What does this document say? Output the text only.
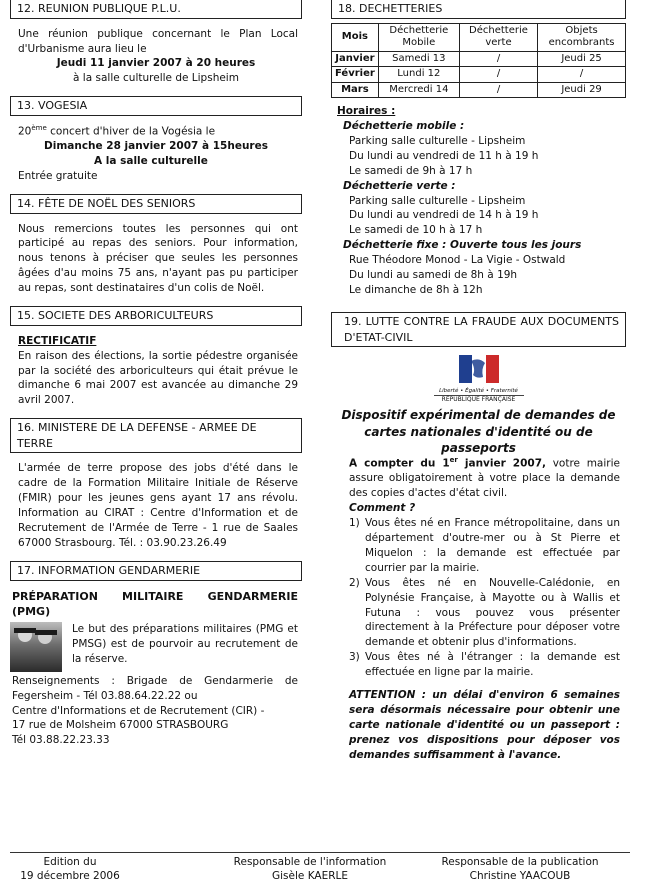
12. REUNION PUBLIQUE P.L.U.

Une réunion publique concernant le Plan Local d'Urbanisme aura lieu le

Jeudi 11 janvier 2007 à 20 heures

à la salle culturelle de Lipsheim

13. VOGESIA

20ème concert d'hiver de la Vogésia le

Dimanche 28 janvier 2007 à 15heures

A la salle culturelle

Entrée gratuite

14. FÊTE DE NOËL DES SENIORS

Nous remercions toutes les personnes qui ont participé au repas des seniors. Pour information, nous tenons à préciser que seules les personnes âgées d'au moins 75 ans, n'ayant pas pu participer au repas, sont destinataires d'un colis de Noël.

15. SOCIETE DES ARBORICULTEURS

RECTIFICATIF

En raison des élections, la sortie pédestre organisée par la société des arboriculteurs qui était prévue le dimanche 6 mai 2007 est avancée au dimanche 29 avril 2007.

16. MINISTERE DE LA DEFENSE - ARMEE DE TERRE

L'armée de terre propose des jobs d'été dans le cadre de la Formation Militaire Initiale de Réserve (FMIR) pour les jeunes gens ayant 17 ans révolu. Information au CIRAT : Centre d'Information et de Recrutement de l'Armée de Terre - 1 rue de Saales 67000 Strasbourg. Tél. : 03.90.23.26.49

17. INFORMATION GENDARMERIE

PRÉPARATION MILITAIRE GENDARMERIE (PMG)

Le but des préparations militaires (PMG et PMSG) est de pourvoir au recrutement de la réserve.

Renseignements : Brigade de Gendarmerie de Fegersheim - Tél 03.88.64.22.22 ou

Centre d'Informations et de Recrutement (CIR) -

17 rue de Molsheim 67000 STRASBOURG

Tél 03.88.22.23.33

18. DECHETTERIES
Mois	Déchetterie Mobile	Déchetterie verte	Objets encombrants
Janvier	Samedi 13	/	Jeudi 25
Février	Lundi 12	/	/
Mars	Mercredi 14	/	Jeudi 29

Horaires :

Déchetterie mobile :

Parking salle culturelle - Lipsheim

Du lundi au vendredi de 11 h à 19 h

Le samedi de 9h à 17 h

Déchetterie verte :

Parking salle culturelle - Lipsheim

Du lundi au vendredi de 14 h à 19 h

Le samedi de 10 h à 17 h

Déchetterie fixe : Ouverte tous les jours

Rue Théodore Monod - La Vigie - Ostwald

Du lundi au samedi de 8h à 19h

Le dimanche de 8h à 12h

19. LUTTE CONTRE LA FRAUDE AUX DOCUMENTS D'ETAT-CIVIL
Liberté • Égalité • Fraternité
RÉPUBLIQUE FRANÇAISE

Dispositif expérimental de demandes de cartes nationales d'identité ou de passeports

A compter du 1er janvier 2007, votre mairie assure obligatoirement à votre place la demande des copies d'actes d'état civil.

Comment ?

1) Vous êtes né en France métropolitaine, dans un département d'outre-mer ou à St Pierre et Miquelon : la demande est effectuée par courrier par la mairie.
2) Vous êtes né en Nouvelle-Calédonie, en Polynésie Française, à Mayotte ou à Wallis et Futuna : vous pouvez vous présenter directement à la Préfecture pour déposer votre demande et obtenir plus d'informations.
3) Vous êtes né à l'étranger : la demande est effectuée en ligne par la mairie.

ATTENTION : un délai d'environ 6 semaines sera désormais nécessaire pour obtenir une carte nationale d'identité ou un passeport : prenez vos dispositions pour déposer vos demandes suffisamment à l'avance.

Edition du
19 décembre 2006
Responsable de l'information
Gisèle KAERLE
Responsable de la publication
Christine YAACOUB
